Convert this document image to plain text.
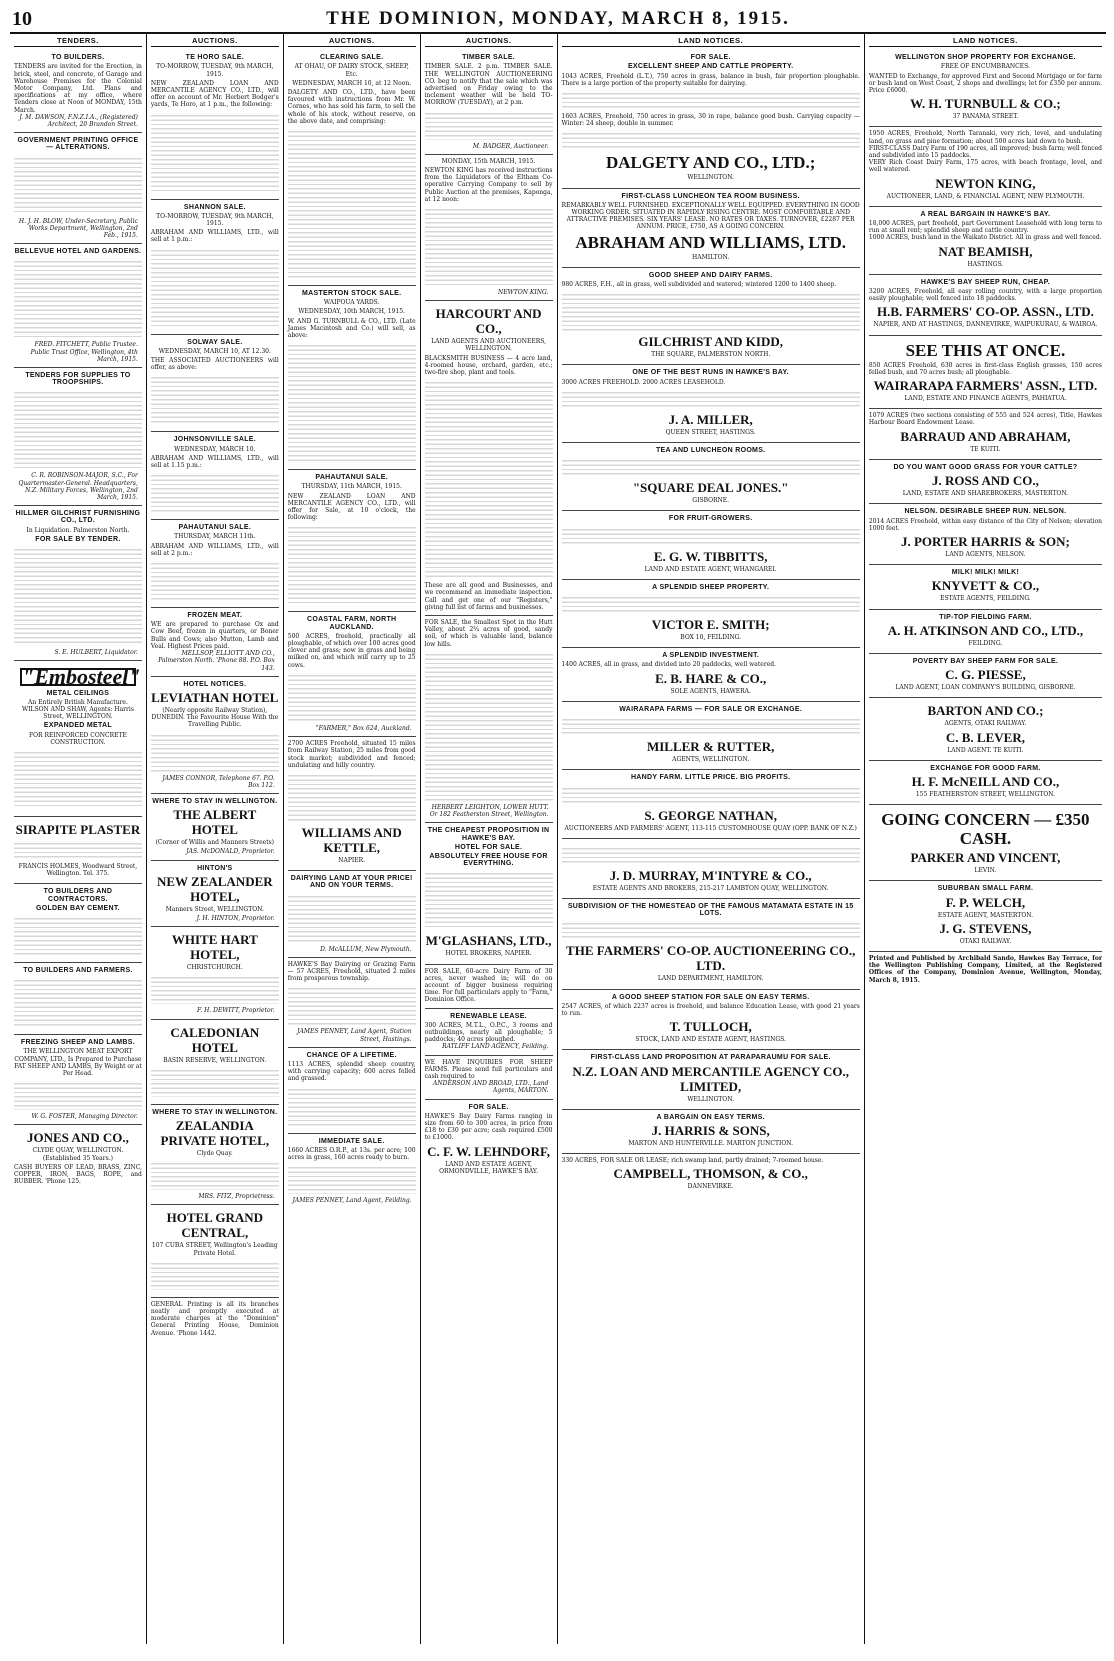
10	THE DOMINION, MONDAY, MARCH 8, 1915.
TENDERS.
TO BUILDERS.
TENDERS are invited for the Erection, in brick, steel, and concrete, of Garage and Warehouse Premises for the Colonial Motor Company, Ltd. Plans and specifications at my office, where Tenders close at Noon of MONDAY, 15th March.
J. M. DAWSON, F.N.Z.I.A., (Registered) Architect, 20 Brandon Street.
GOVERNMENT PRINTING OFFICE — ALTERATIONS.
H. J. H. BLOW, Under-Secretary, Public Works Department, Wellington, 2nd Feb., 1915.
BELLEVUE HOTEL AND GARDENS.
FRED. FITCHETT, Public Trustee. Public Trust Office, Wellington, 4th March, 1915.
TENDERS FOR SUPPLIES TO TROOPSHIPS.
C. R. ROBINSON-MAJOR, S.C., For Quartermaster-General. Headquarters, N.Z. Military Forces, Wellington, 2nd March, 1915.
HILLMER GILCHRIST FURNISHING CO., LTD.
In Liquidation. Palmerston North.
FOR SALE BY TENDER.
S. E. HULBERT, Liquidator.
"Embosteel"
METAL CEILINGS
An Entirely British Manufacture. WILSON AND SHAW, Agents: Harris Street, WELLINGTON.
EXPANDED METAL
FOR REINFORCED CONCRETE CONSTRUCTION.
SIRAPITE PLASTER
FRANCIS HOLMES, Woodward Street, Wellington. Tel. 375.
TO BUILDERS AND CONTRACTORS.
GOLDEN BAY CEMENT.
TO BUILDERS AND FARMERS.
FREEZING SHEEP AND LAMBS.
THE WELLINGTON MEAT EXPORT COMPANY, LTD., Is Prepared to Purchase FAT SHEEP AND LAMBS, By Weight or at Per Head.
W. G. FOSTER, Managing Director.
JONES AND CO.,
CLYDE QUAY, WELLINGTON. (Established 35 Years.)
CASH BUYERS OF LEAD, BRASS, ZINC, COPPER, IRON, BAGS, ROPE, and RUBBER. 'Phone 125.
AUCTIONS.
TE HORO SALE.
TO-MORROW, TUESDAY, 9th MARCH, 1915.
NEW ZEALAND LOAN AND MERCANTILE AGENCY CO., LTD., will offer on account of Mr. Herbert Bodger's yards, Te Horo, at 1 p.m., the following:
SHANNON SALE.
TO-MORROW, TUESDAY, 9th MARCH, 1915.
ABRAHAM AND WILLIAMS, LTD., will sell at 1 p.m.:
SOLWAY SALE.
WEDNESDAY, MARCH 10, AT 12.30.
THE ASSOCIATED AUCTIONEERS will offer, as above:
JOHNSONVILLE SALE.
WEDNESDAY, MARCH 10.
ABRAHAM AND WILLIAMS, LTD., will sell at 1.15 p.m.:
PAHAUTANUI SALE.
THURSDAY, MARCH 11th.
ABRAHAM AND WILLIAMS, LTD., will sell at 2 p.m.:
FROZEN MEAT.
WE are prepared to purchase Ox and Cow Beef, frozen in quarters, or Boner Bulls and Cows; also Mutton, Lamb and Veal. Highest Prices paid.
MELLSOP, ELLIOTT AND CO., Palmerston North. 'Phone 88. P.O. Box 143.
HOTEL NOTICES.
LEVIATHAN HOTEL
(Nearly opposite Railway Station), DUNEDIN. The Favourite House With the Travelling Public.
JAMES CONNOR, Telephone 67. P.O. Box 112.
WHERE TO STAY IN WELLINGTON.
THE ALBERT HOTEL
(Corner of Willis and Manners Streets)
JAS. McDONALD, Proprietor.
HINTON'S
NEW ZEALANDER HOTEL,
Manners Street, WELLINGTON.
J. H. HINTON, Proprietor.
WHITE HART HOTEL,
CHRISTCHURCH.
F. H. DEWITT, Proprietor.
CALEDONIAN HOTEL
BASIN RESERVE, WELLINGTON.
WHERE TO STAY IN WELLINGTON.
ZEALANDIA PRIVATE HOTEL,
Clyde Quay.
MRS. FITZ, Proprietress.
HOTEL GRAND CENTRAL,
107 CUBA STREET, Wellington's Leading Private Hotel.
GENERAL Printing is all its branches neatly and promptly executed at moderate charges at the "Dominion" General Printing House, Dominion Avenue. 'Phone 1442.
AUCTIONS.
CLEARING SALE.
AT OHAU, OF DAIRY STOCK, SHEEP, Etc.
WEDNESDAY, MARCH 10, at 12 Noon.
DALGETY AND CO., LTD., have been favoured with instructions from Mr. W. Cornes, who has sold his farm, to sell the whole of his stock, without reserve, on the above date, and comprising:
MASTERTON STOCK SALE.
WAIPOUA YARDS.
WEDNESDAY, 10th MARCH, 1915.
W. AND G. TURNBULL & CO., LTD. (Late James Macintosh and Co.) will sell, as above:
PAHAUTANUI SALE.
THURSDAY, 11th MARCH, 1915.
NEW ZEALAND LOAN AND MERCANTILE AGENCY CO., LTD., will offer for Sale, at 10 o'clock, the following:
COASTAL FARM, NORTH AUCKLAND.
500 ACRES, freehold, practically all ploughable, of which over 100 acres good clover and grass; now in grass and being milked on, and which will carry up to 25 cows.
"FARMER," Box 624, Auckland.
2700 ACRES Freehold, situated 15 miles from Railway Station, 25 miles from good stock market; subdivided and fenced; undulating and hilly country.
WILLIAMS AND KETTLE,
NAPIER.
DAIRYING LAND AT YOUR PRICE! AND ON YOUR TERMS.
D. McALLUM, New Plymouth.
HAWKE'S Bay Dairying or Grazing Farm — 57 ACRES, Freehold, situated 2 miles from prosperous township.
JAMES PENNEY, Land Agent, Station Street, Hastings.
CHANCE OF A LIFETIME.
1113 ACRES, splendid sheep country, with carrying capacity; 600 acres felled and grassed.
IMMEDIATE SALE.
1660 ACRES O.R.P., at 13s. per acre; 100 acres in grass, 160 acres ready to burn.
JAMES PENNEY, Land Agent, Feilding.
AUCTIONS.
TIMBER SALE.
TIMBER SALE. 2 p.m. TIMBER SALE. THE WELLINGTON AUCTIONEERING CO. beg to notify that the sale which was advertised on Friday owing to the inclement weather will be held TO-MORROW (TUESDAY), at 2 p.m.
M. BADGER, Auctioneer.
MONDAY, 15th MARCH, 1915.
NEWTON KING has received instructions from the Liquidators of the Eltham Co-operative Carrying Company to sell by Public Auction at the premises, Kaponga, at 12 noon:
NEWTON KING.
HARCOURT AND CO.,
LAND AGENTS AND AUCTIONEERS, WELLINGTON.
BLACKSMITH BUSINESS — 4 acre land, 4-roomed house, orchard, garden, etc.; two-fire shop, plant and tools.
These are all good and Businesses, and we recommend an immediate inspection. Call and get one of our "Registers," giving full list of farms and businesses.
FOR SALE, the Smallest Spot in the Hutt Valley, about 2¾ acres of good, sandy soil, of which is valuable land, balance low hills.
HERBERT LEIGHTON, LOWER HUTT. Or 182 Featherston Street, Wellington.
THE CHEAPEST PROPOSITION IN HAWKE'S BAY.
HOTEL FOR SALE.
ABSOLUTELY FREE HOUSE FOR EVERYTHING.
M'GLASHANS, LTD.,
HOTEL BROKERS, NAPIER.
FOR SALE, 60-acre Dairy Farm of 30 acres, never washed in; will do on account of bigger business requiring time. For full particulars apply to "Farm," Dominion Office.
RENEWABLE LEASE.
300 ACRES, M.T.L., O.P.C., 3 rooms and outbuildings, nearly all ploughable; 5 paddocks; 40 acres ploughed.
RATLIFF LAND AGENCY, Feilding.
WE HAVE INQUIRIES FOR SHEEP FARMS. Please send full particulars and cash required to
ANDERSON AND BROAD, LTD., Land Agents, MARTON.
FOR SALE.
HAWKE'S Bay Dairy Farms ranging in size from 60 to 300 acres, in price from £18 to £30 per acre; cash required £500 to £1000.
C. F. W. LEHNDORF,
LAND AND ESTATE AGENT, ORMONDVILLE, HAWKE'S BAY.
LAND NOTICES.
FOR SALE.
EXCELLENT SHEEP AND CATTLE PROPERTY.
1043 ACRES, Freehold (L.T.), 750 acres in grass, balance in bush, fair proportion ploughable. There is a large portion of the property suitable for dairying.
1603 ACRES, Freehold, 750 acres in grass, 30 in rape, balance good bush. Carrying capacity — Winter: 24 sheep, double in summer.
DALGETY AND CO., LTD.;
WELLINGTON.
FIRST-CLASS LUNCHEON TEA ROOM BUSINESS.
REMARKABLY WELL FURNISHED. EXCEPTIONALLY WELL EQUIPPED. EVERYTHING IN GOOD WORKING ORDER. SITUATED IN RAPIDLY RISING CENTRE. MOST COMFORTABLE AND ATTRACTIVE PREMISES. SIX YEARS' LEASE. NO RATES OR TAXES. TURNOVER, £2287 PER ANNUM. PRICE, £750, AS A GOING CONCERN.
ABRAHAM AND WILLIAMS, LTD.
HAMILTON.
GOOD SHEEP AND DAIRY FARMS.
980 ACRES, F.H., all in grass, well subdivided and watered; wintered 1200 to 1400 sheep.
GILCHRIST AND KIDD,
THE SQUARE, PALMERSTON NORTH.
ONE OF THE BEST RUNS IN HAWKE'S BAY.
3000 ACRES FREEHOLD. 2000 ACRES LEASEHOLD.
J. A. MILLER,
QUEEN STREET, HASTINGS.
TEA AND LUNCHEON ROOMS.
"SQUARE DEAL JONES."
GISBORNE.
FOR FRUIT-GROWERS.
E. G. W. TIBBITTS,
LAND AND ESTATE AGENT, WHANGAREI.
A SPLENDID SHEEP PROPERTY.
VICTOR E. SMITH;
BOX 10, FEILDING.
A SPLENDID INVESTMENT.
1400 ACRES, all in grass, and divided into 20 paddocks, well watered.
E. B. HARE & CO.,
SOLE AGENTS, HAWERA.
WAIRARAPA FARMS — FOR SALE OR EXCHANGE.
MILLER & RUTTER,
AGENTS, WELLINGTON.
HANDY FARM. LITTLE PRICE. BIG PROFITS.
S. GEORGE NATHAN,
AUCTIONEERS AND FARMERS' AGENT, 113-115 CUSTOMHOUSE QUAY (OPP. BANK OF N.Z.)
J. D. MURRAY, M'INTYRE & CO.,
ESTATE AGENTS AND BROKERS, 215-217 LAMBTON QUAY, WELLINGTON.
SUBDIVISION OF THE HOMESTEAD OF THE FAMOUS MATAMATA ESTATE IN 15 LOTS.
THE FARMERS' CO-OP. AUCTIONEERING CO., LTD.
LAND DEPARTMENT, HAMILTON.
A GOOD SHEEP STATION FOR SALE ON EASY TERMS.
2547 ACRES, of which 2237 acres is freehold, and balance Education Lease, with good 21 years to run.
T. TULLOCH,
STOCK, LAND AND ESTATE AGENT, HASTINGS.
FIRST-CLASS LAND PROPOSITION AT PARAPARAUMU FOR SALE.
N.Z. LOAN AND MERCANTILE AGENCY CO., LIMITED,
WELLINGTON.
A BARGAIN ON EASY TERMS.
J. HARRIS & SONS,
MARTON AND HUNTERVILLE. MARTON JUNCTION.
330 ACRES, FOR SALE OR LEASE; rich swamp land, partly drained; 7-roomed house.
CAMPBELL, THOMSON, & CO.,
DANNEVIRKE.
LAND NOTICES.
WELLINGTON SHOP PROPERTY FOR EXCHANGE.
FREE OF ENCUMBRANCES.
WANTED to Exchange, for approved First and Second Mortgage or for farm or bush land on West Coast, 2 shops and dwellings; let for £350 per annum. Price £6000.
W. H. TURNBULL & CO.;
37 PANAMA STREET.
1950 ACRES, Freehold, North Taranaki, very rich, level, and undulating land, on grass and pine formation; about 500 acres laid down to bush.
FIRST-CLASS Dairy Farm of 190 acres, all improved; bush farm; well fenced and subdivided into 15 paddocks.
VERY Rich Coast Dairy Farm, 175 acres, with beach frontage, level, and well watered.
NEWTON KING,
AUCTIONEER, LAND, & FINANCIAL AGENT, NEW PLYMOUTH.
A REAL BARGAIN IN HAWKE'S BAY.
18,000 ACRES, part freehold, part Government Leasehold with long term to run at small rent; splendid sheep and cattle country.
1000 ACRES, bush land in the Waikato District. All in grass and well fenced.
NAT BEAMISH,
HASTINGS.
HAWKE'S BAY SHEEP RUN, CHEAP.
3200 ACRES, Freehold, all easy rolling country, with a large proportion easily ploughable; well fenced into 18 paddocks.
H.B. FARMERS' CO-OP. ASSN., LTD.
NAPIER, AND AT HASTINGS, DANNEVIRKE, WAIPUKURAU, & WAIROA.
SEE THIS AT ONCE.
850 ACRES Freehold, 630 acres in first-class English grasses, 150 acres felled bush, and 70 acres bush; all ploughable.
WAIRARAPA FARMERS' ASSN., LTD.
LAND, ESTATE AND FINANCE AGENTS, PAHIATUA.
1079 ACRES (two sections consisting of 555 and 524 acres), Title, Hawkes Harbour Board Endowment Lease.
BARRAUD AND ABRAHAM,
TE KUITI.
DO YOU WANT GOOD GRASS FOR YOUR CATTLE?
J. ROSS AND CO.,
LAND, ESTATE AND SHAREBROKERS, MASTERTON.
NELSON. DESIRABLE SHEEP RUN. NELSON.
2014 ACRES Freehold, within easy distance of the City of Nelson; elevation 1000 feet.
J. PORTER HARRIS & SON;
LAND AGENTS, NELSON.
MILK! MILK! MILK!
KNYVETT & CO.,
ESTATE AGENTS, FEILDING.
TIP-TOP FIELDING FARM.
A. H. ATKINSON AND CO., LTD.,
FEILDING.
POVERTY BAY SHEEP FARM FOR SALE.
C. G. PIESSE,
LAND AGENT, LOAN COMPANY'S BUILDING, GISBORNE.
BARTON AND CO.;
AGENTS, OTAKI RAILWAY.
C. B. LEVER,
LAND AGENT. TE KUITI.
EXCHANGE FOR GOOD FARM.
H. F. McNEILL AND CO.,
155 FEATHERSTON STREET, WELLINGTON.
GOING CONCERN — £350 CASH.
PARKER AND VINCENT,
LEVIN.
SUBURBAN SMALL FARM.
F. P. WELCH,
ESTATE AGENT, MASTERTON.
J. G. STEVENS,
OTAKI RAILWAY.
Printed and Published by Archibald Sando, Hawkes Bay Terrace, for the Wellington Publishing Company, Limited, at the Registered Offices of the Company, Dominion Avenue, Wellington, Monday, March 8, 1915.
